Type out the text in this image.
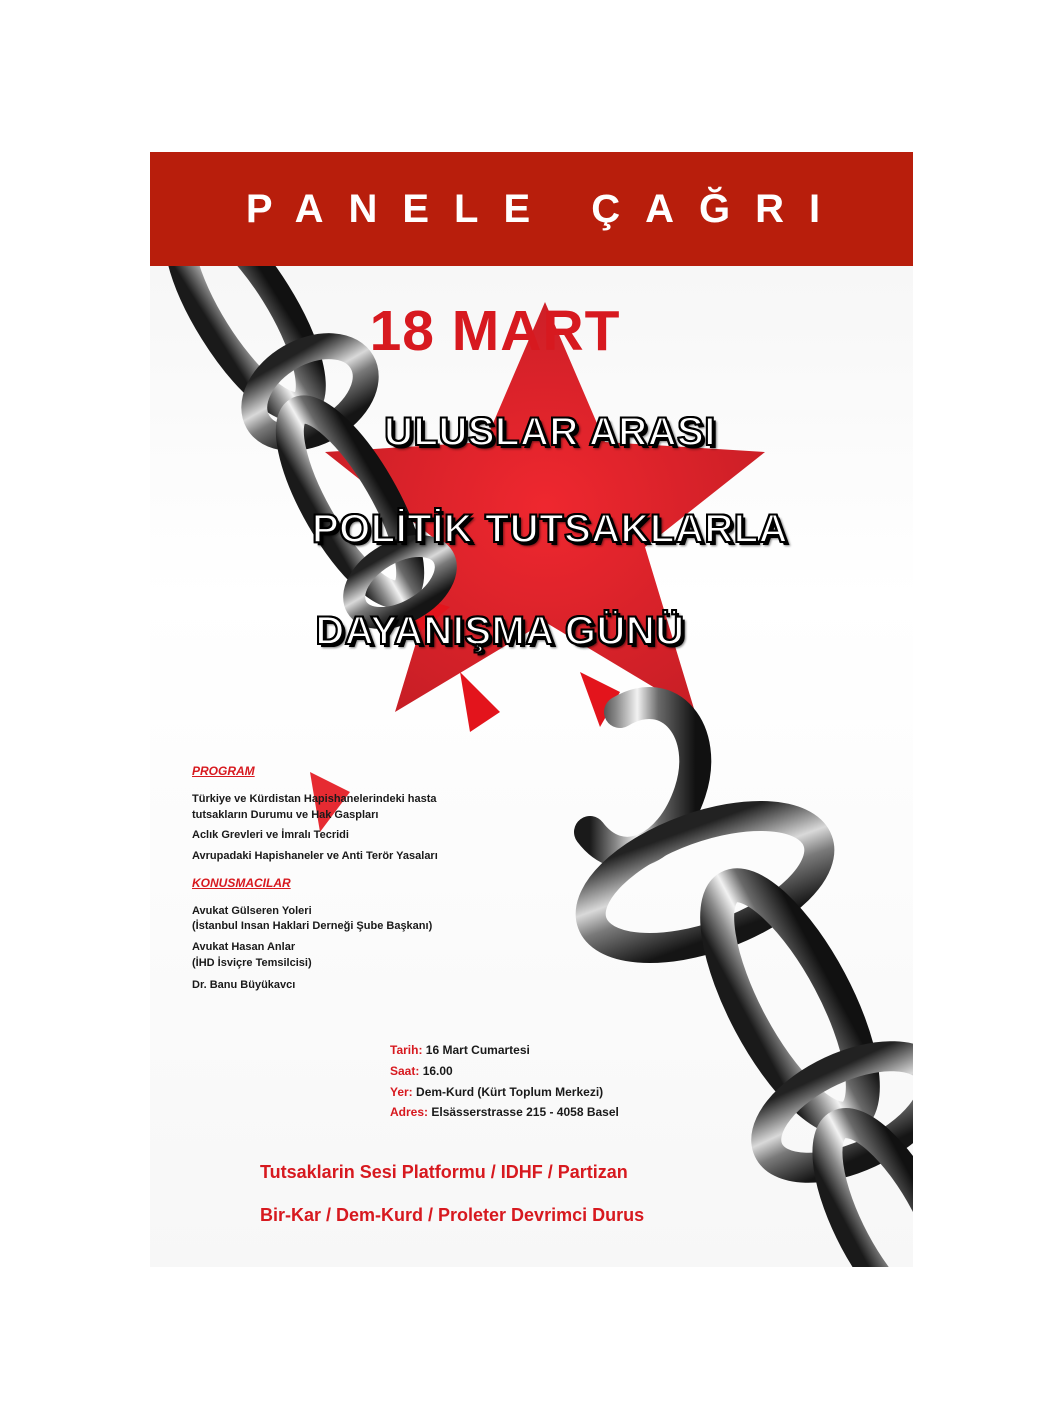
PANELE ÇAĞRI
18 MART
ULUSLAR ARASI
POLİTİK TUTSAKLARLA
DAYANIŞMA GÜNÜ
PROGRAM
Türkiye ve Kürdistan Hapishanelerindeki hasta
tutsakların Durumu ve Hak Gaspları
Aclık Grevleri ve İmralı Tecridi
Avrupadaki Hapishaneler ve Anti Terör Yasaları
KONUSMACILAR
Avukat Gülseren Yoleri
(İstanbul Insan Haklari Derneği Şube Başkanı)
Avukat Hasan Anlar
(İHD İsviçre Temsilcisi)
Dr. Banu Büyükavcı
Tarih: 16 Mart Cumartesi
Saat: 16.00
Yer: Dem-Kurd (Kürt Toplum Merkezi)
Adres: Elsässerstrasse 215 - 4058 Basel
Tutsaklarin Sesi Platformu / IDHF / Partizan
Bir-Kar / Dem-Kurd / Proleter Devrimci Durus
